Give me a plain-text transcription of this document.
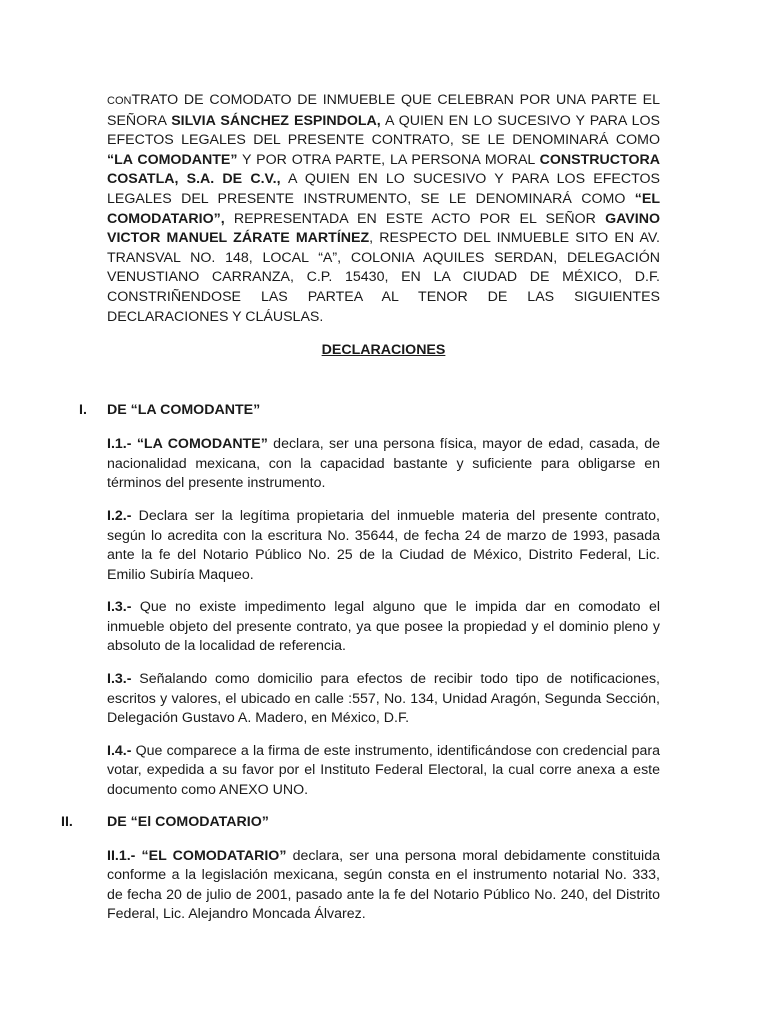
CONTRATO DE COMODATO DE INMUEBLE QUE CELEBRAN POR UNA PARTE EL SEÑORA SILVIA SÁNCHEZ ESPINDOLA, A QUIEN EN LO SUCESIVO Y PARA LOS EFECTOS LEGALES DEL PRESENTE CONTRATO, SE LE DENOMINARÁ COMO “LA COMODANTE” Y POR OTRA PARTE, LA PERSONA MORAL CONSTRUCTORA COSATLA, S.A. DE C.V., A QUIEN EN LO SUCESIVO Y PARA LOS EFECTOS LEGALES DEL PRESENTE INSTRUMENTO, SE LE DENOMINARÁ COMO “EL COMODATARIO”, REPRESENTADA EN ESTE ACTO POR EL SEÑOR GAVINO VICTOR MANUEL ZÁRATE MARTÍNEZ, RESPECTO DEL INMUEBLE SITO EN AV. TRANSVAL NO. 148, LOCAL “A”, COLONIA AQUILES SERDAN, DELEGACIÓN VENUSTIANO CARRANZA, C.P. 15430, EN LA CIUDAD DE MÉXICO, D.F. CONSTRIÑENDOSE LAS PARTEA AL TENOR DE LAS SIGUIENTES DECLARACIONES Y CLÁUSLAS.

DECLARACIONES
I. DE “LA COMODANTE”

I.1.- “LA COMODANTE” declara, ser una persona física, mayor de edad, casada, de nacionalidad mexicana, con la capacidad bastante y suficiente para obligarse en términos del presente instrumento.

I.2.- Declara ser la legítima propietaria del inmueble materia del presente contrato, según lo acredita con la escritura No. 35644, de fecha 24 de marzo de 1993, pasada ante la fe del Notario Público No. 25 de la Ciudad de México, Distrito Federal, Lic. Emilio Subiría Maqueo.

I.3.- Que no existe impedimento legal alguno que le impida dar en comodato el inmueble objeto del presente contrato, ya que posee la propiedad y el dominio pleno y absoluto de la localidad de referencia.

I.3.- Señalando como domicilio para efectos de recibir todo tipo de notificaciones, escritos y valores, el ubicado en calle :557, No. 134, Unidad Aragón, Segunda Sección, Delegación Gustavo A. Madero, en México, D.F.

I.4.- Que comparece a la firma de este instrumento, identificándose con credencial para votar, expedida a su favor por el Instituto Federal Electoral, la cual corre anexa a este documento como ANEXO UNO.

II. DE “El COMODATARIO”

II.1.- “EL COMODATARIO” declara, ser una persona moral debidamente constituida conforme a la legislación mexicana, según consta en el instrumento notarial No. 333, de fecha 20 de julio de 2001, pasado ante la fe del Notario Público No. 240, del Distrito Federal, Lic. Alejandro Moncada Álvarez.
